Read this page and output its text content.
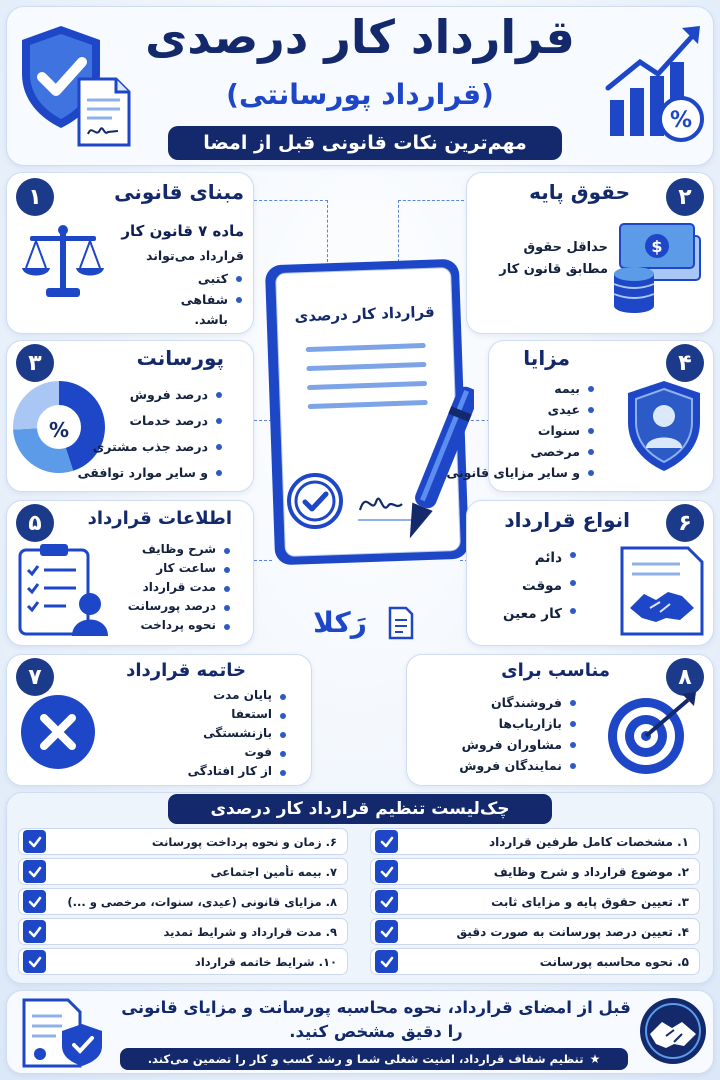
%
قرارداد کار درصدی
(قرارداد پورسانتی)
مهم‌ترین نکات قانونی قبل از امضا
قرارداد کار درصدی
رَکلا
۱	مبنای قانونی
ماده ۷ قانون کار
قرارداد می‌تواند
کتبی
شفاهی
باشد.
۲
حقوق پایه
حداقل حقوق
مطابق قانون کار
$
۳	پورسانت
%
درصد فروش
درصد خدمات
درصد جذب مشتری
و سایر موارد توافقی
۴
مزایا
بیمه
عیدی
سنوات
مرخصی
و سایر مزایای قانونی
۵	اطلاعات قرارداد
شرح وظایف
ساعت کار
مدت قرارداد
درصد پورسانت
نحوه پرداخت
۶
انواع قرارداد
دائم
موقت
کار معین
۷	خاتمه قرارداد
پایان مدت
استعفا
بازنشستگی
فوت
از کار افتادگی
۸
مناسب برای
فروشندگان
بازاریاب‌ها
مشاوران فروش
نمایندگان فروش
چک‌لیست تنظیم قرارداد کار درصدی
قبل از امضای قرارداد، نحوه محاسبه پورسانت و مزایای قانونی را دقیق مشخص کنید.
★
تنظیم شفاف قرارداد، امنیت شغلی شما و رشد کسب و کار را تضمین می‌کند.
۱. مشخصات کامل طرفین قرارداد
۶. زمان و نحوه پرداخت پورسانت
۲. موضوع قرارداد و شرح وظایف
۷. بیمه تأمین اجتماعی
۳. تعیین حقوق پایه و مزایای ثابت
۸. مزایای قانونی (عیدی، سنوات، مرخصی و ...)
۴. تعیین درصد پورسانت به صورت دقیق
۹. مدت قرارداد و شرایط تمدید
۵. نحوه محاسبه پورسانت
۱۰. شرایط خاتمه قرارداد
